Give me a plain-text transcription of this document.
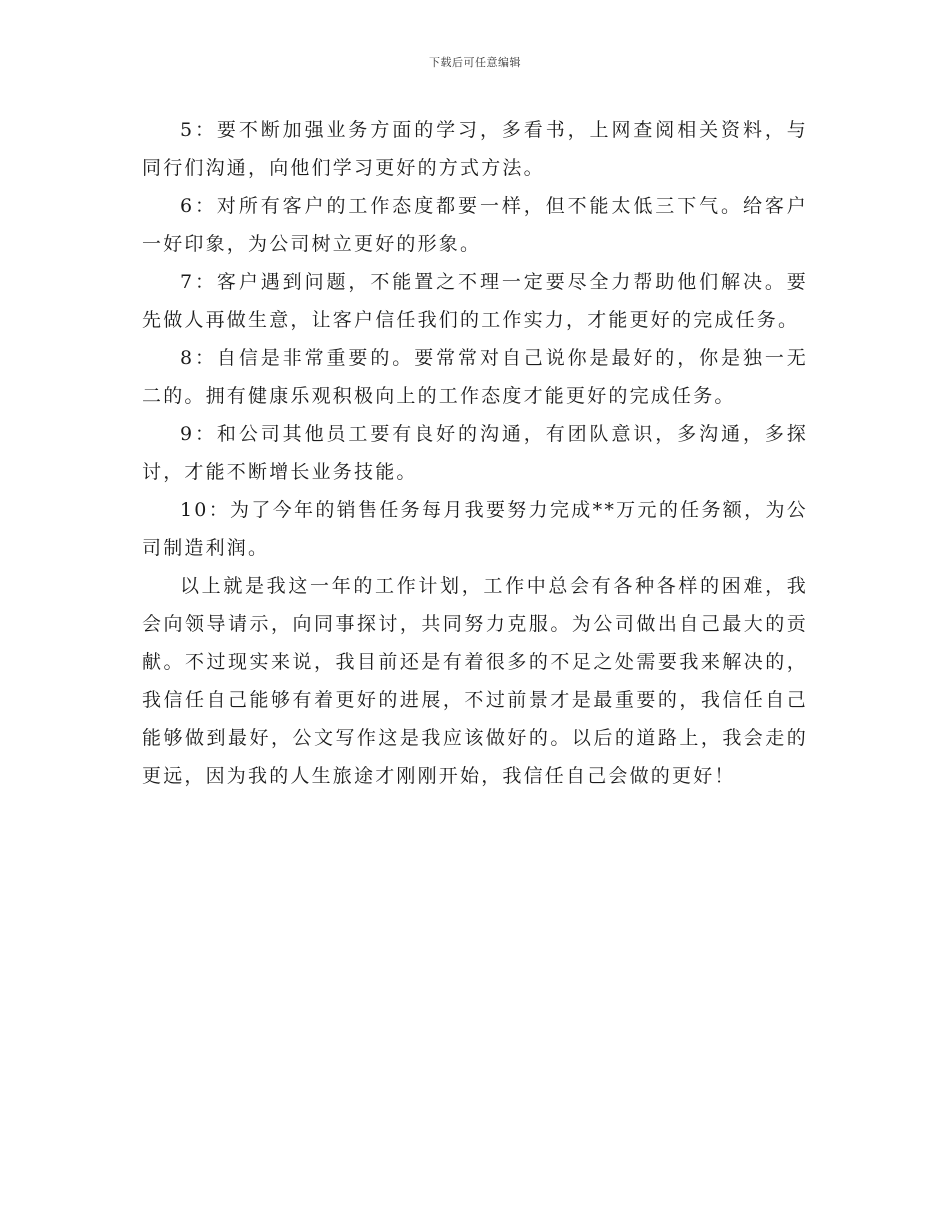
下载后可任意编辑

5：要不断加强业务方面的学习，多看书，上网查阅相关资料，与同行们沟通，向他们学习更好的方式方法。

6：对所有客户的工作态度都要一样，但不能太低三下气。给客户一好印象，为公司树立更好的形象。

7：客户遇到问题，不能置之不理一定要尽全力帮助他们解决。要先做人再做生意，让客户信任我们的工作实力，才能更好的完成任务。

8：自信是非常重要的。要常常对自己说你是最好的，你是独一无二的。拥有健康乐观积极向上的工作态度才能更好的完成任务。

9：和公司其他员工要有良好的沟通，有团队意识，多沟通，多探讨，才能不断增长业务技能。

10：为了今年的销售任务每月我要努力完成**万元的任务额，为公司制造利润。

以上就是我这一年的工作计划，工作中总会有各种各样的困难，我会向领导请示，向同事探讨，共同努力克服。为公司做出自己最大的贡献。不过现实来说，我目前还是有着很多的不足之处需要我来解决的，我信任自己能够有着更好的进展，不过前景才是最重要的，我信任自己能够做到最好，公文写作这是我应该做好的。以后的道路上，我会走的更远，因为我的人生旅途才刚刚开始，我信任自己会做的更好！
